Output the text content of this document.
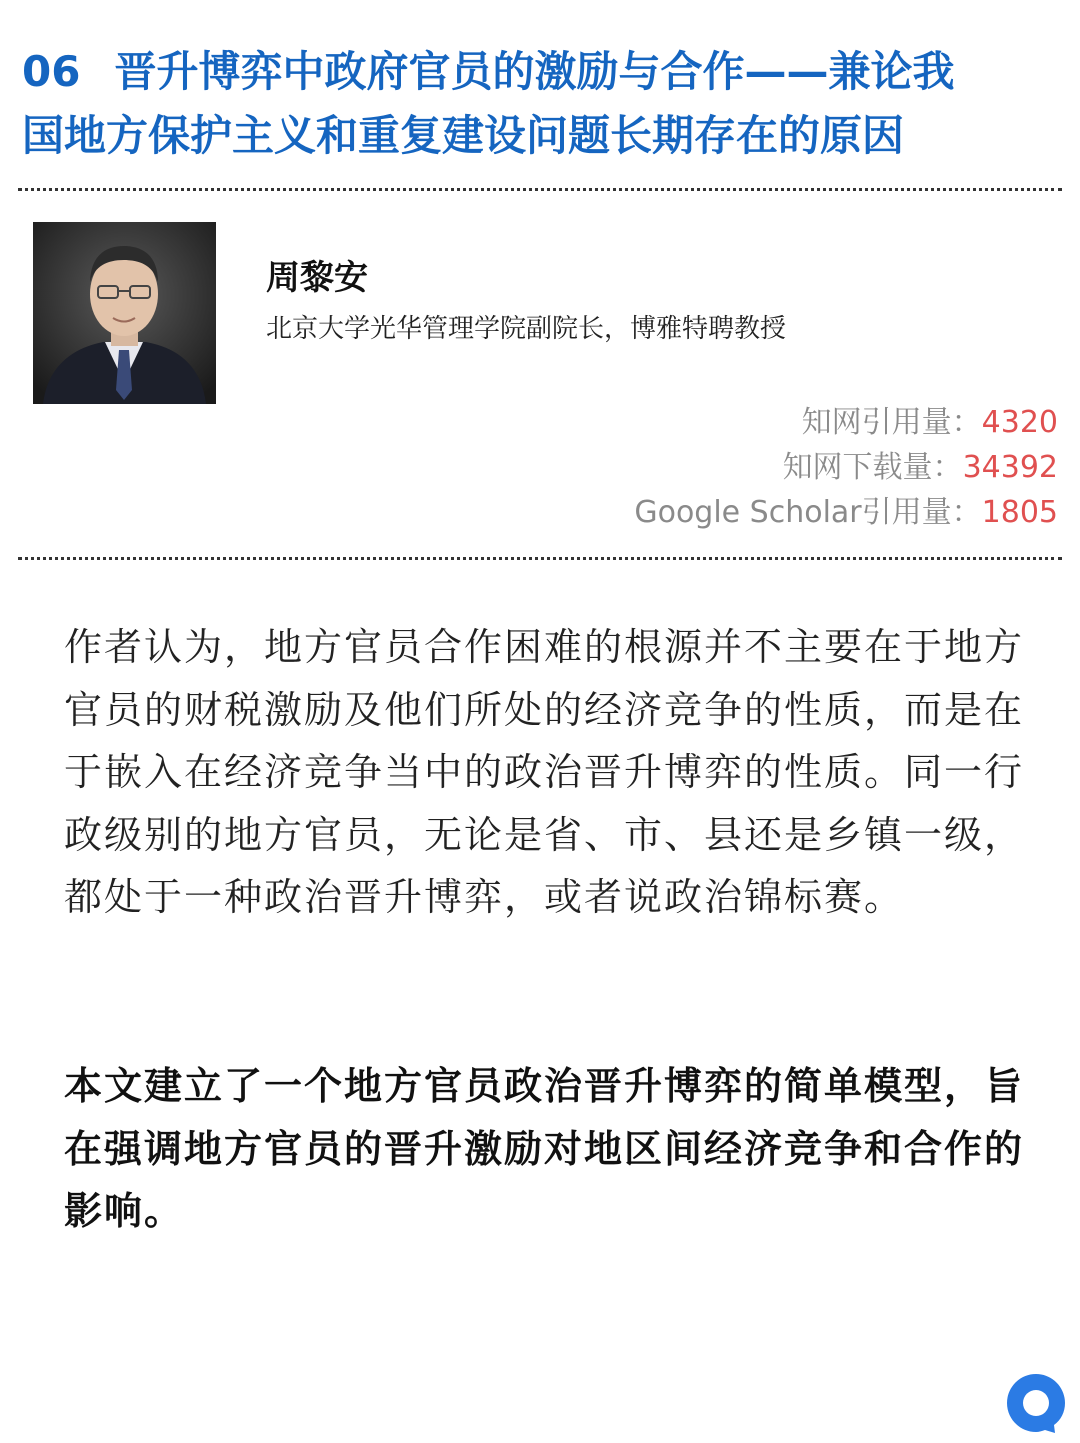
06 晋升博弈中政府官员的激励与合作——兼论我
国地方保护主义和重复建设问题长期存在的原因
周黎安
北京大学光华管理学院副院长，博雅特聘教授
知网引用量：4320
知网下载量：34392
Google Scholar引用量：1805

作者认为，地方官员合作困难的根源并不主要在于地方官员的财税激励及他们所处的经济竞争的性质，而是在于嵌入在经济竞争当中的政治晋升博弈的性质。同一行政级别的地方官员，无论是省、市、县还是乡镇一级，都处于一种政治晋升博弈，或者说政治锦标赛。

本文建立了一个地方官员政治晋升博弈的简单模型，旨在强调地方官员的晋升激励对地区间经济竞争和合作的影响。
